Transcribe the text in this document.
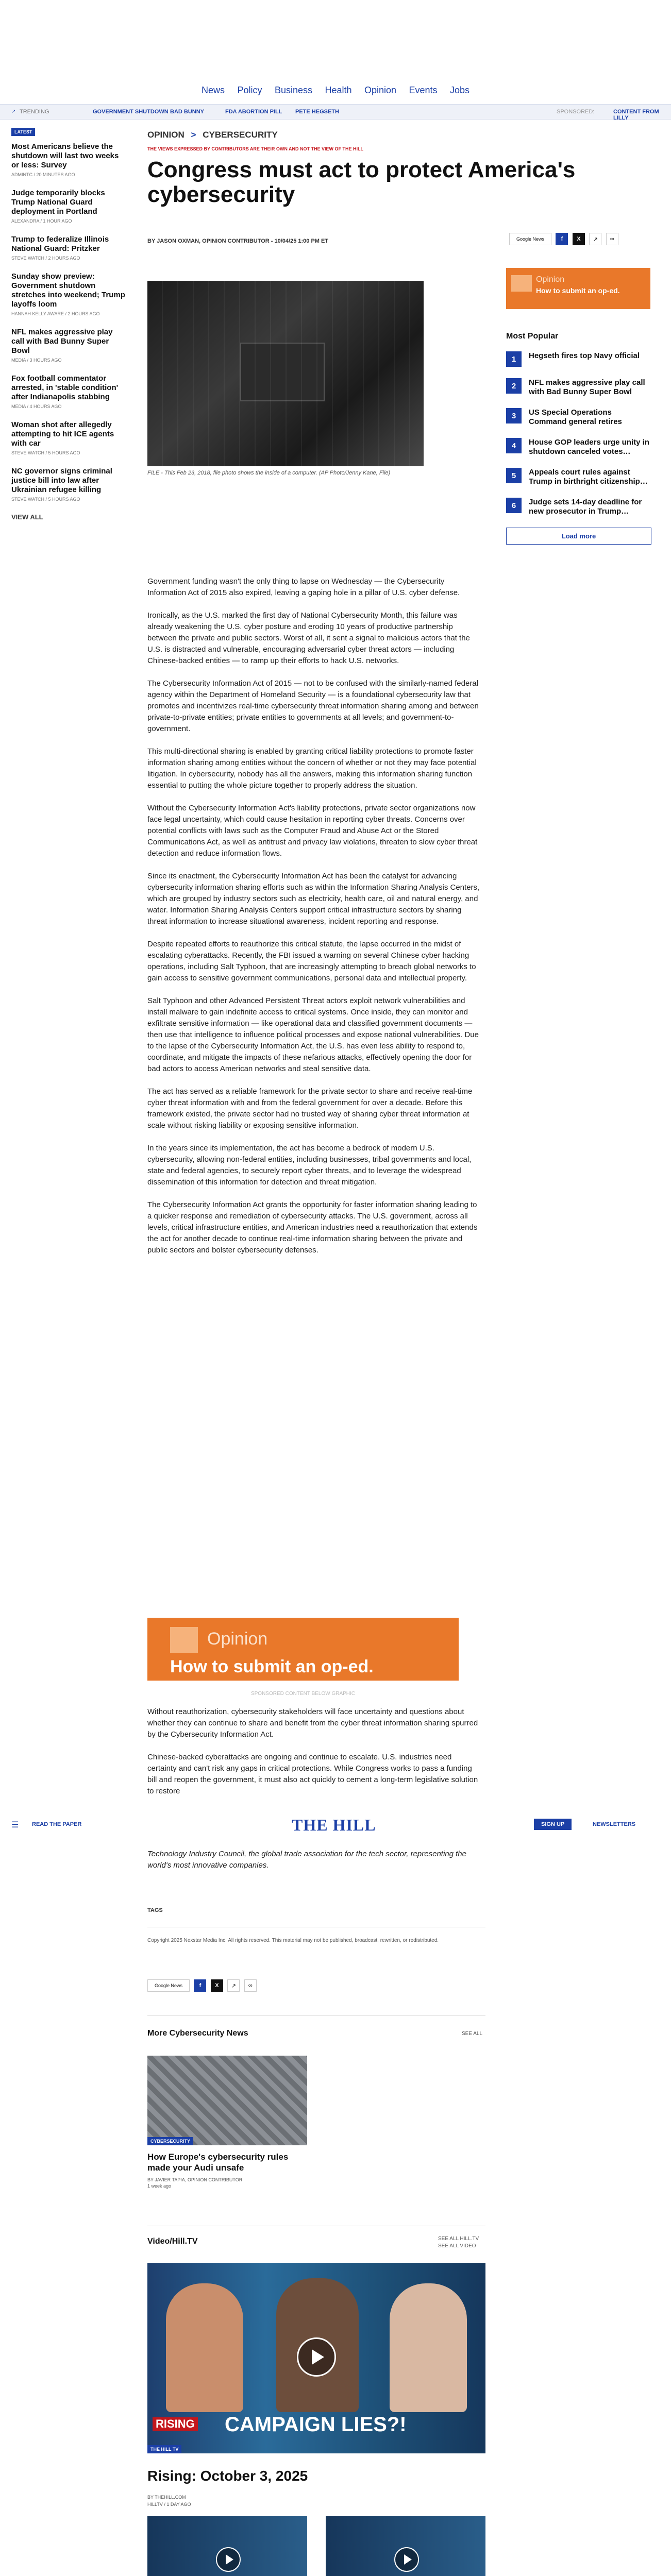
News Policy Business Health Opinion Events Jobs
↗ TRENDING	GOVERNMENT SHUTDOWN BAD BUNNY	FDA ABORTION PILL PETE HEGSETH	SPONSORED:	CONTENT FROM LILLY
LATEST
Most Americans believe the shutdown will last two weeks or less: Survey
ADMINTC / 20 MINUTES AGO
Judge temporarily blocks Trump National Guard deployment in Portland
ALEXANDRA / 1 HOUR AGO
Trump to federalize Illinois National Guard: Pritzker
STEVE WATCH / 2 HOURS AGO
Sunday show preview: Government shutdown stretches into weekend; Trump layoffs loom
HANNAH KELLY AWARE / 2 HOURS AGO
NFL makes aggressive play call with Bad Bunny Super Bowl
MEDIA / 3 HOURS AGO
Fox football commentator arrested, in 'stable condition' after Indianapolis stabbing
MEDIA / 4 HOURS AGO
Woman shot after allegedly attempting to hit ICE agents with car
STEVE WATCH / 5 HOURS AGO
NC governor signs criminal justice bill into law after Ukrainian refugee killing
STEVE WATCH / 5 HOURS AGO
VIEW ALL
OPINION > CYBERSECURITY
THE VIEWS EXPRESSED BY CONTRIBUTORS ARE THEIR OWN AND NOT THE VIEW OF THE HILL
Congress must act to protect America's cybersecurity
BY JASON OXMAN, OPINION CONTRIBUTOR - 10/04/25 1:00 PM ET	Google News	f X ↗ ∞
Opinion
How to submit an op-ed.
Most Popular
1	Hegseth fires top Navy official
2	NFL makes aggressive play call with Bad Bunny Super Bowl
3	US Special Operations Command general retires
4	House GOP leaders urge unity in shutdown canceled votes…
5	Appeals court rules against Trump in birthright citizenship…
6	Judge sets 14-day deadline for new prosecutor in Trump…
Load more
FILE - This Feb 23, 2018, file photo shows the inside of a computer. (AP Photo/Jenny Kane, File)

Government funding wasn't the only thing to lapse on Wednesday — the Cybersecurity Information Act of 2015 also expired, leaving a gaping hole in a pillar of U.S. cyber defense.

Ironically, as the U.S. marked the first day of National Cybersecurity Month, this failure was already weakening the U.S. cyber posture and eroding 10 years of productive partnership between the private and public sectors. Worst of all, it sent a signal to malicious actors that the U.S. is distracted and vulnerable, encouraging adversarial cyber threat actors — including Chinese-backed entities — to ramp up their efforts to hack U.S. networks.

The Cybersecurity Information Act of 2015 — not to be confused with the similarly-named federal agency within the Department of Homeland Security — is a foundational cybersecurity law that promotes and incentivizes real-time cybersecurity threat information sharing among and between private-to-private entities; private entities to governments at all levels; and government-to-government.

This multi-directional sharing is enabled by granting critical liability protections to promote faster information sharing among entities without the concern of whether or not they may face potential litigation. In cybersecurity, nobody has all the answers, making this information sharing function essential to putting the whole picture together to properly address the situation.

Without the Cybersecurity Information Act's liability protections, private sector organizations now face legal uncertainty, which could cause hesitation in reporting cyber threats. Concerns over potential conflicts with laws such as the Computer Fraud and Abuse Act or the Stored Communications Act, as well as antitrust and privacy law violations, threaten to slow cyber threat detection and reduce information flows.

Since its enactment, the Cybersecurity Information Act has been the catalyst for advancing cybersecurity information sharing efforts such as within the Information Sharing Analysis Centers, which are grouped by industry sectors such as electricity, health care, oil and natural energy, and water. Information Sharing Analysis Centers support critical infrastructure sectors by sharing threat information to increase situational awareness, incident reporting and response.

Despite repeated efforts to reauthorize this critical statute, the lapse occurred in the midst of escalating cyberattacks. Recently, the FBI issued a warning on several Chinese cyber hacking operations, including Salt Typhoon, that are increasingly attempting to breach global networks to gain access to sensitive government communications, personal data and intellectual property.

Salt Typhoon and other Advanced Persistent Threat actors exploit network vulnerabilities and install malware to gain indefinite access to critical systems. Once inside, they can monitor and exfiltrate sensitive information — like operational data and classified government documents — then use that intelligence to influence political processes and expose national vulnerabilities. Due to the lapse of the Cybersecurity Information Act, the U.S. has even less ability to respond to, coordinate, and mitigate the impacts of these nefarious attacks, effectively opening the door for bad actors to access American networks and steal sensitive data.

The act has served as a reliable framework for the private sector to share and receive real-time cyber threat information with and from the federal government for over a decade. Before this framework existed, the private sector had no trusted way of sharing cyber threat information at scale without risking liability or exposing sensitive information.

In the years since its implementation, the act has become a bedrock of modern U.S. cybersecurity, allowing non-federal entities, including businesses, tribal governments and local, state and federal agencies, to securely report cyber threats, and to leverage the widespread dissemination of this information for detection and threat mitigation.

The Cybersecurity Information Act grants the opportunity for faster information sharing leading to a quicker response and remediation of cybersecurity attacks. The U.S. government, across all levels, critical infrastructure entities, and American industries need a reauthorization that extends the act for another decade to continue real-time information sharing between the private and public sectors and bolster cybersecurity defenses.

Opinion
How to submit an op-ed.
SPONSORED CONTENT BELOW GRAPHIC

Without reauthorization, cybersecurity stakeholders will face uncertainty and questions about whether they can continue to share and benefit from the cyber threat information sharing spurred by the Cybersecurity Information Act.

Chinese-backed cyberattacks are ongoing and continue to escalate. U.S. industries need certainty and can't risk any gaps in critical protections. While Congress works to pass a funding bill and reopen the government, it must also act quickly to cement a long-term legislative solution to restore

☰ READ THE PAPER	THE HILL	SIGN UP	NEWSLETTERS
Technology Industry Council, the global trade association for the tech sector, representing the world's most innovative companies.
TAGS
Copyright 2025 Nexstar Media Inc. All rights reserved. This material may not be published, broadcast, rewritten, or redistributed.
Google News	f X ↗ ∞
More Cybersecurity News	SEE ALL
CYBERSECURITY
How Europe's cybersecurity rules made your Audi unsafe
BY JAVIER TAPIA, OPINION CONTRIBUTOR
1 week ago
Video/Hill.TV	SEE ALL HILL.TV
SEE ALL VIDEO
RISING CAMPAIGN LIES?!
THE HILL TV
Rising: October 3, 2025
BY THEHILL.COM
HILLTV / 1 DAY AGO
